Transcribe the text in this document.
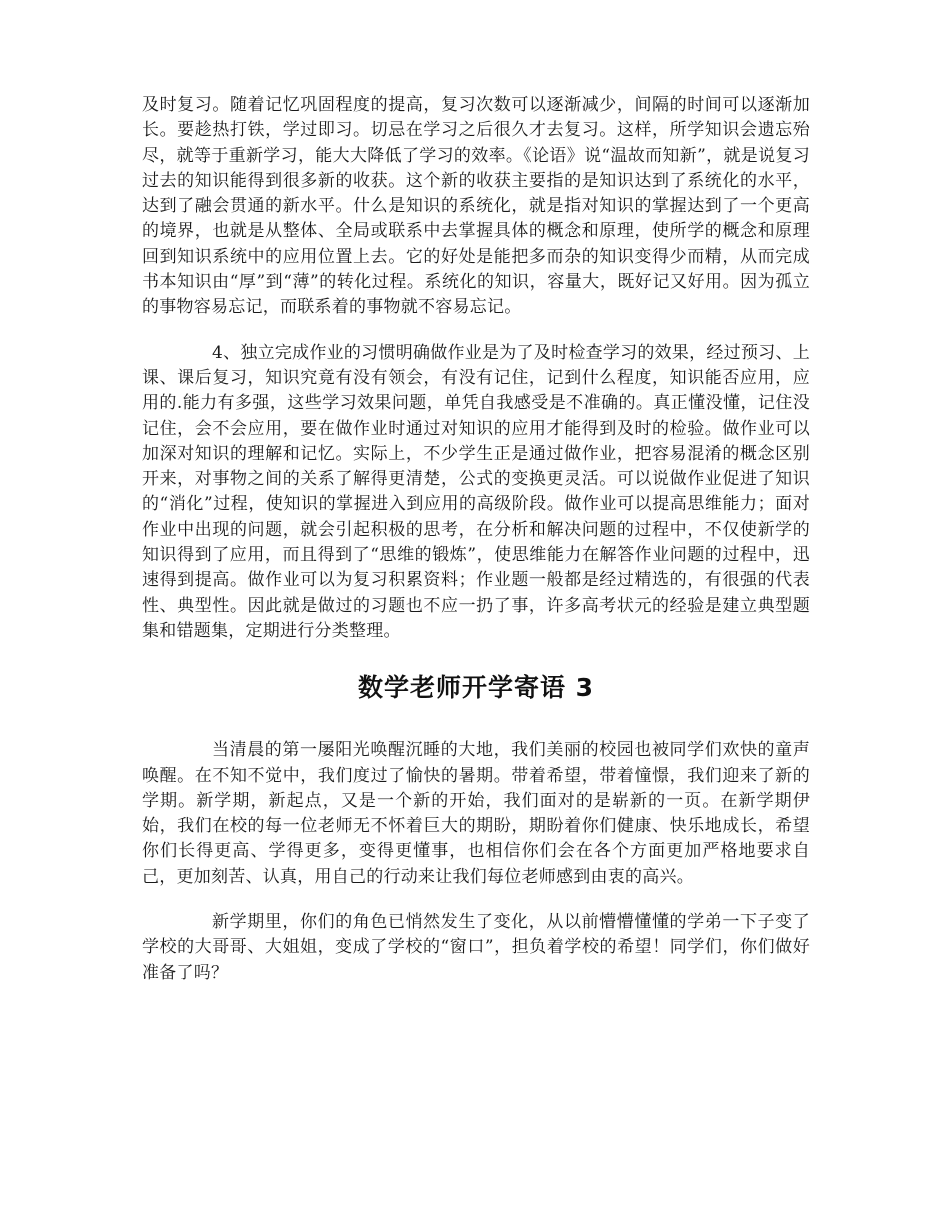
及时复习。随着记忆巩固程度的提高，复习次数可以逐渐减少，间隔的时间可以逐渐加长。要趁热打铁，学过即习。切忌在学习之后很久才去复习。这样，所学知识会遗忘殆尽，就等于重新学习，能大大降低了学习的效率。《论语》说“温故而知新”，就是说复习过去的知识能得到很多新的收获。这个新的收获主要指的是知识达到了系统化的水平，达到了融会贯通的新水平。什么是知识的系统化，就是指对知识的掌握达到了一个更高的境界，也就是从整体、全局或联系中去掌握具体的概念和原理，使所学的概念和原理回到知识系统中的应用位置上去。它的好处是能把多而杂的知识变得少而精，从而完成书本知识由“厚”到“薄”的转化过程。系统化的知识，容量大，既好记又好用。因为孤立的事物容易忘记，而联系着的事物就不容易忘记。

4、独立完成作业的习惯明确做作业是为了及时检查学习的效果，经过预习、上课、课后复习，知识究竟有没有领会，有没有记住，记到什么程度，知识能否应用，应用的.能力有多强，这些学习效果问题，单凭自我感受是不准确的。真正懂没懂，记住没记住，会不会应用，要在做作业时通过对知识的应用才能得到及时的检验。做作业可以加深对知识的理解和记忆。实际上，不少学生正是通过做作业，把容易混淆的概念区别开来，对事物之间的关系了解得更清楚，公式的变换更灵活。可以说做作业促进了知识的“消化”过程，使知识的掌握进入到应用的高级阶段。做作业可以提高思维能力；面对作业中出现的问题，就会引起积极的思考，在分析和解决问题的过程中，不仅使新学的知识得到了应用，而且得到了“思维的锻炼”，使思维能力在解答作业问题的过程中，迅速得到提高。做作业可以为复习积累资料；作业题一般都是经过精选的，有很强的代表性、典型性。因此就是做过的习题也不应一扔了事，许多高考状元的经验是建立典型题集和错题集，定期进行分类整理。

数学老师开学寄语 3

当清晨的第一屡阳光唤醒沉睡的大地，我们美丽的校园也被同学们欢快的童声唤醒。在不知不觉中，我们度过了愉快的暑期。带着希望，带着憧憬，我们迎来了新的学期。新学期，新起点，又是一个新的开始，我们面对的是崭新的一页。在新学期伊始，我们在校的每一位老师无不怀着巨大的期盼，期盼着你们健康、快乐地成长，希望你们长得更高、学得更多，变得更懂事，也相信你们会在各个方面更加严格地要求自己，更加刻苦、认真，用自己的行动来让我们每位老师感到由衷的高兴。

新学期里，你们的角色已悄然发生了变化，从以前懵懵懂懂的学弟一下子变了学校的大哥哥、大姐姐，变成了学校的“窗口”，担负着学校的希望！同学们，你们做好准备了吗？
